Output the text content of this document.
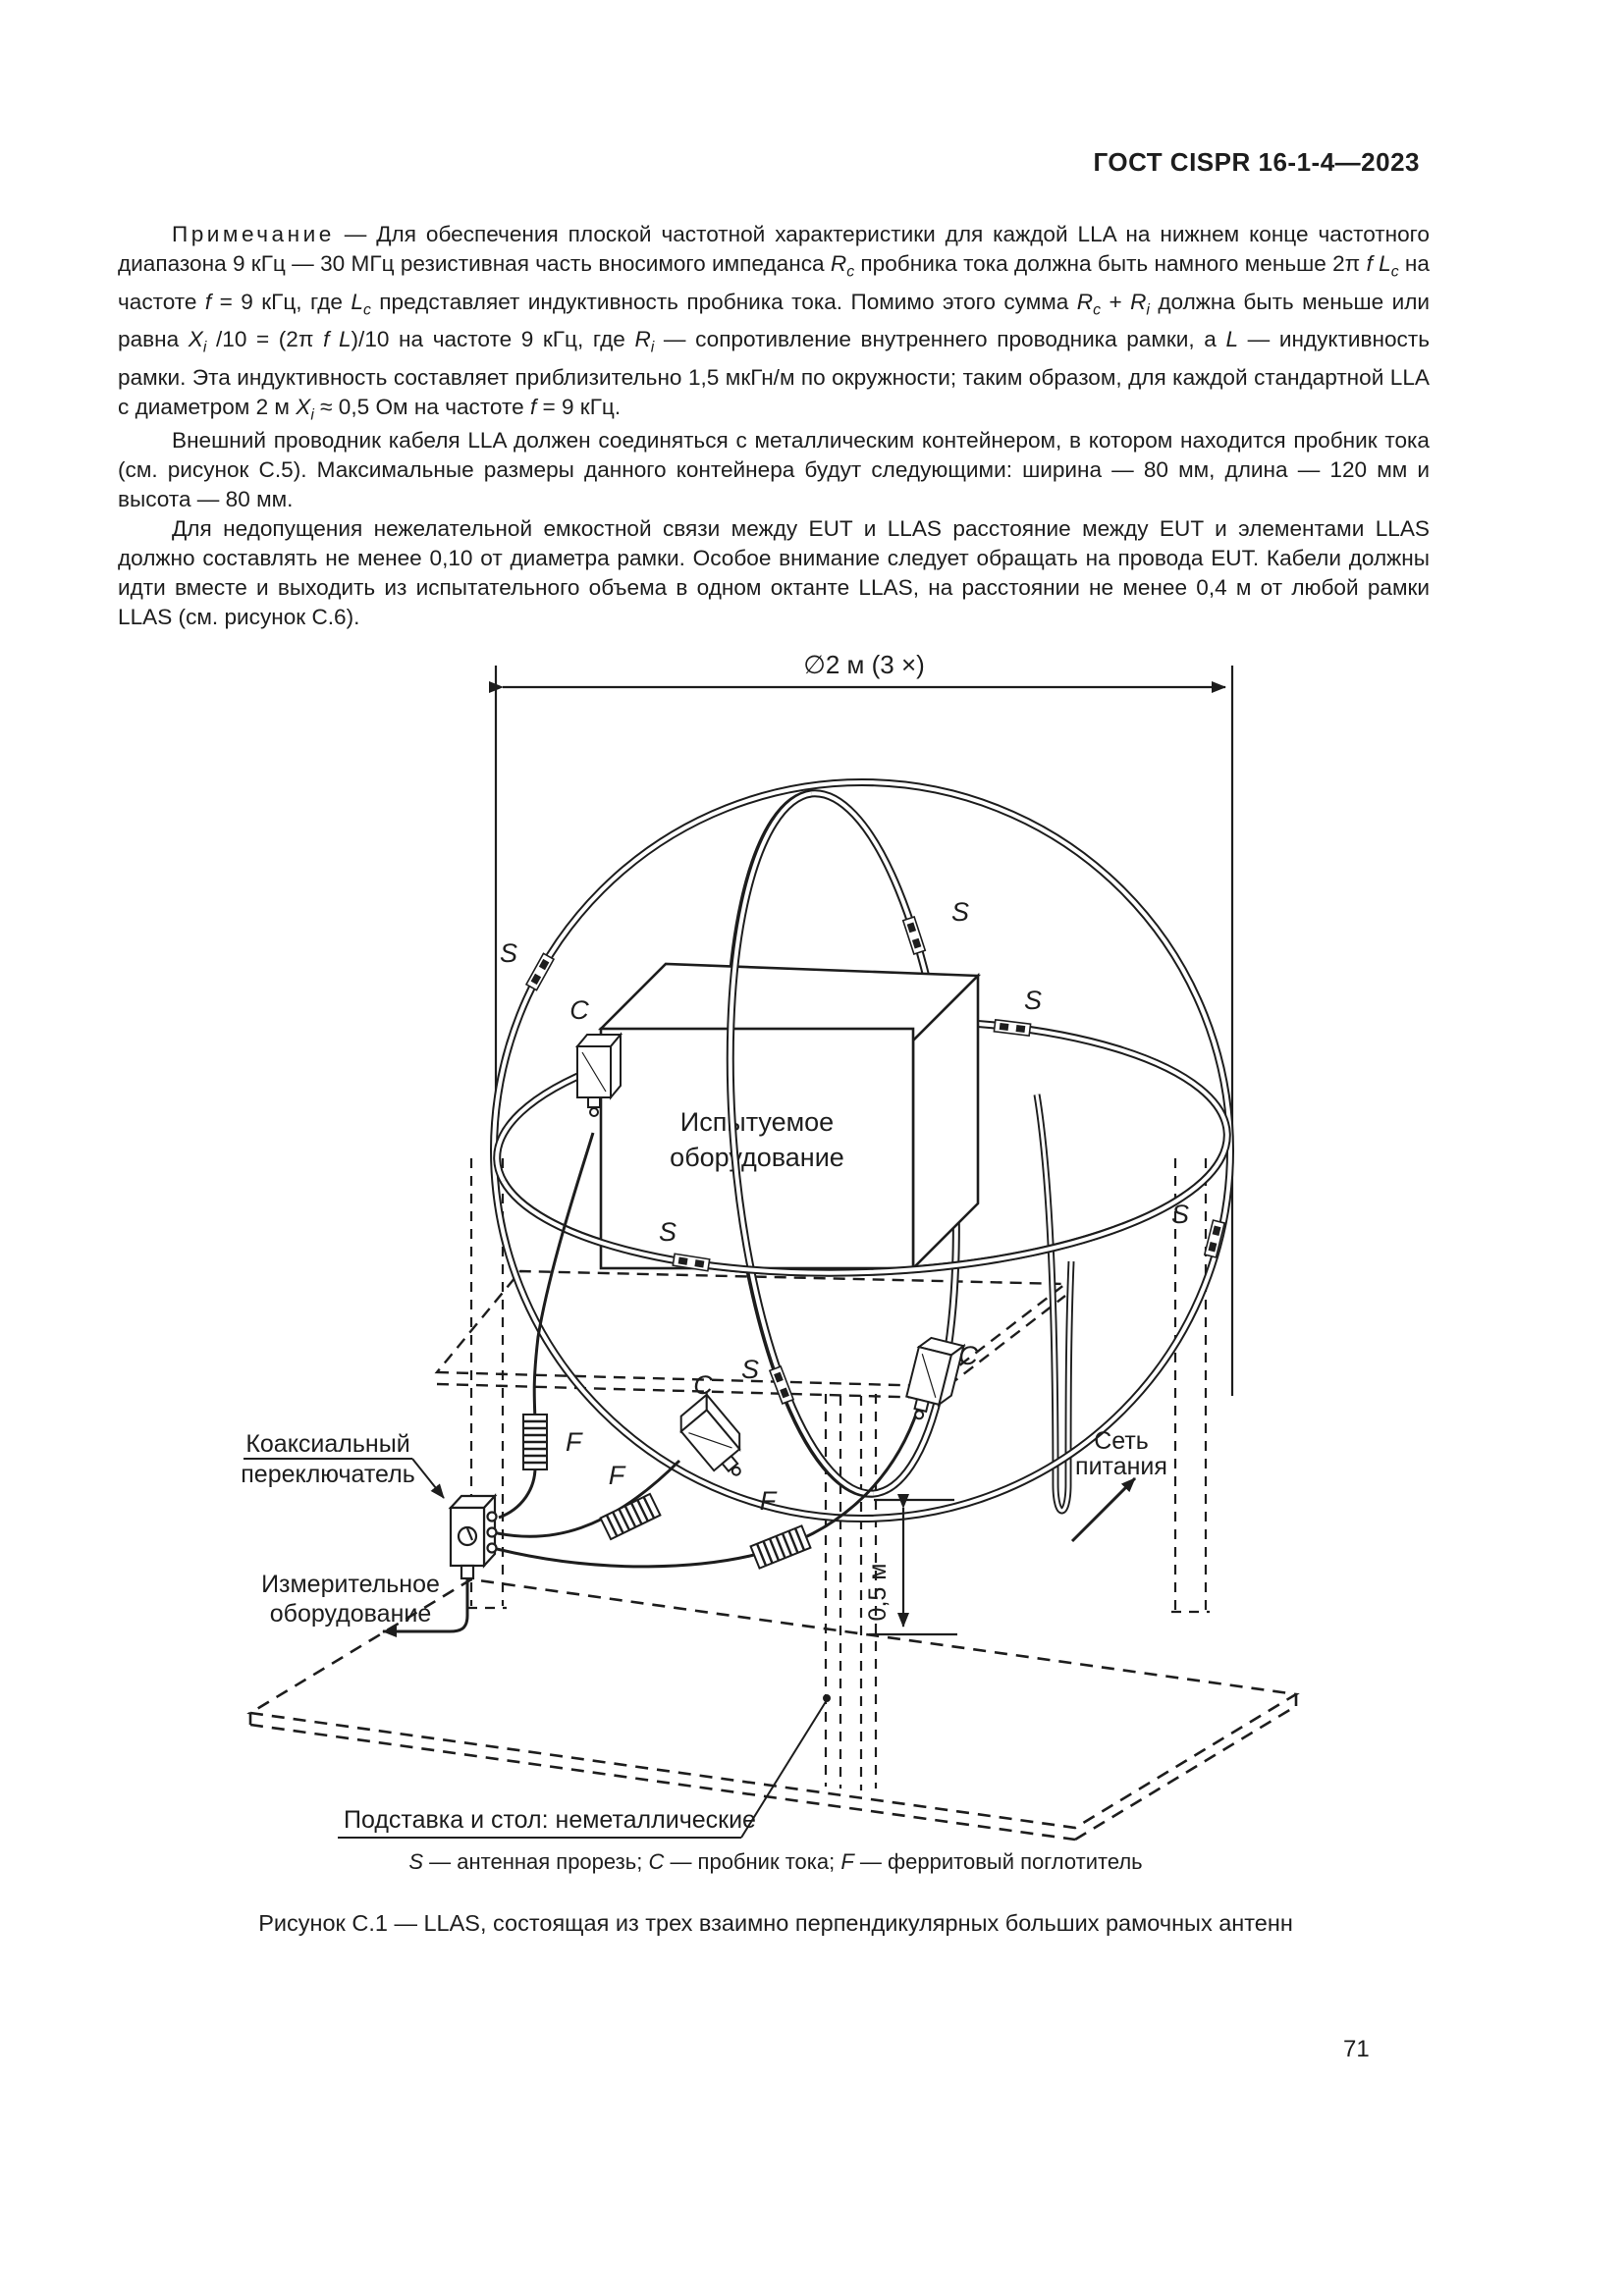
ГОСТ CISPR 16-1-4—2023

Примечание — Для обеспечения плоской частотной характеристики для каждой LLA на нижнем конце частотного диапазона 9 кГц — 30 МГц резистивная часть вносимого импеданса $R_c$ пробника тока должна быть намного меньше 2π f $L_c$ на частоте f = 9 кГц, где $L_c$ представляет индуктивность пробника тока. Помимо этого сумма $R_c + R_i$ должна быть меньше или равна $X_i$ /10 = (2π f L)/10 на частоте 9 кГц, где $R_i$ — сопротивление внутреннего проводника рамки, а L — индуктивность рамки. Эта индуктивность составляет приблизительно 1,5 мкГн/м по окружности; таким образом, для каждой стандартной LLA с диаметром 2 м $X_i \approx 0,5$ Ом на частоте f = 9 кГц.

Внешний проводник кабеля LLA должен соединяться с металлическим контейнером, в котором находится пробник тока (см. рисунок С.5). Максимальные размеры данного контейнера будут следующими: ширина — 80 мм, длина — 120 мм и высота — 80 мм.

Для недопущения нежелательной емкостной связи между EUT и LLAS расстояние между EUT и элементами LLAS должно составлять не менее 0,10 от диаметра рамки. Особое внимание следует обращать на провода EUT. Кабели должны идти вместе и выходить из испытательного объема в одном октанте LLAS, на расстоянии не менее 0,4 м от любой рамки LLAS (см. рисунок С.6).

∅2 м (3 ×)
Испытуемое
оборудование
0,5 м
S
S
S
S
S
S
C
C
C
F
F
F
Коаксиальный
переключатель
Измерительное
оборудование
Сеть
питания
Подставка и стол: неметаллические
S — антенная прорезь; C — пробник тока; F — ферритовый поглотитель
Рисунок С.1 — LLAS, состоящая из трех взаимно перпендикулярных больших рамочных антенн
71
